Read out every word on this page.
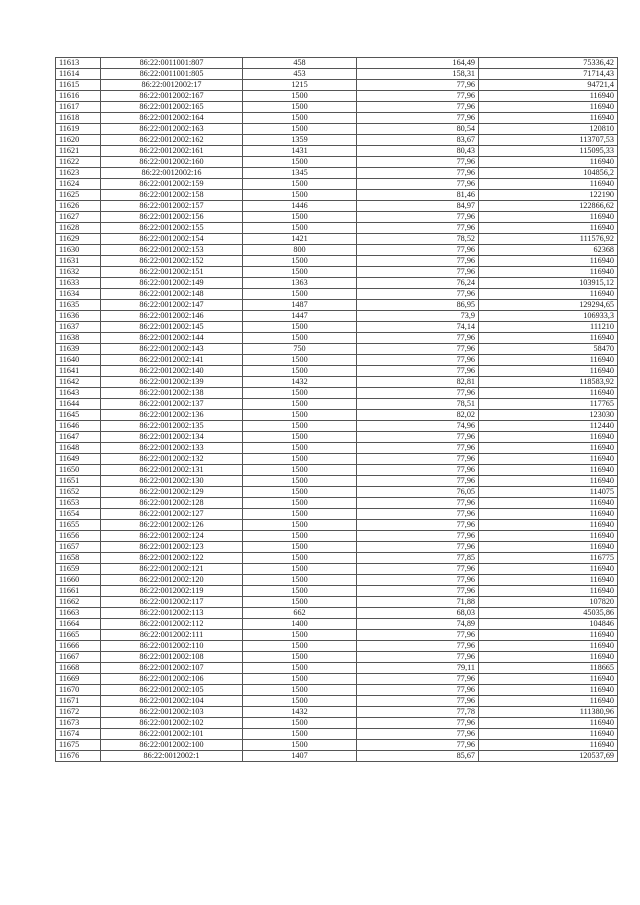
11613	86:22:0011001:807	458	164,49	75336,42
11614	86:22:0011001:805	453	158,31	71714,43
11615	86:22:0012002:17	1215	77,96	94721,4
11616	86:22:0012002:167	1500	77,96	116940
11617	86:22:0012002:165	1500	77,96	116940
11618	86:22:0012002:164	1500	77,96	116940
11619	86:22:0012002:163	1500	80,54	120810
11620	86:22:0012002:162	1359	83,67	113707,53
11621	86:22:0012002:161	1431	80,43	115095,33
11622	86:22:0012002:160	1500	77,96	116940
11623	86:22:0012002:16	1345	77,96	104856,2
11624	86:22:0012002:159	1500	77,96	116940
11625	86:22:0012002:158	1500	81,46	122190
11626	86:22:0012002:157	1446	84,97	122866,62
11627	86:22:0012002:156	1500	77,96	116940
11628	86:22:0012002:155	1500	77,96	116940
11629	86:22:0012002:154	1421	78,52	111576,92
11630	86:22:0012002:153	800	77,96	62368
11631	86:22:0012002:152	1500	77,96	116940
11632	86:22:0012002:151	1500	77,96	116940
11633	86:22:0012002:149	1363	76,24	103915,12
11634	86:22:0012002:148	1500	77,96	116940
11635	86:22:0012002:147	1487	86,95	129294,65
11636	86:22:0012002:146	1447	73,9	106933,3
11637	86:22:0012002:145	1500	74,14	111210
11638	86:22:0012002:144	1500	77,96	116940
11639	86:22:0012002:143	750	77,96	58470
11640	86:22:0012002:141	1500	77,96	116940
11641	86:22:0012002:140	1500	77,96	116940
11642	86:22:0012002:139	1432	82,81	118583,92
11643	86:22:0012002:138	1500	77,96	116940
11644	86:22:0012002:137	1500	78,51	117765
11645	86:22:0012002:136	1500	82,02	123030
11646	86:22:0012002:135	1500	74,96	112440
11647	86:22:0012002:134	1500	77,96	116940
11648	86:22:0012002:133	1500	77,96	116940
11649	86:22:0012002:132	1500	77,96	116940
11650	86:22:0012002:131	1500	77,96	116940
11651	86:22:0012002:130	1500	77,96	116940
11652	86:22:0012002:129	1500	76,05	114075
11653	86:22:0012002:128	1500	77,96	116940
11654	86:22:0012002:127	1500	77,96	116940
11655	86:22:0012002:126	1500	77,96	116940
11656	86:22:0012002:124	1500	77,96	116940
11657	86:22:0012002:123	1500	77,96	116940
11658	86:22:0012002:122	1500	77,85	116775
11659	86:22:0012002:121	1500	77,96	116940
11660	86:22:0012002:120	1500	77,96	116940
11661	86:22:0012002:119	1500	77,96	116940
11662	86:22:0012002:117	1500	71,88	107820
11663	86:22:0012002:113	662	68,03	45035,86
11664	86:22:0012002:112	1400	74,89	104846
11665	86:22:0012002:111	1500	77,96	116940
11666	86:22:0012002:110	1500	77,96	116940
11667	86:22:0012002:108	1500	77,96	116940
11668	86:22:0012002:107	1500	79,11	118665
11669	86:22:0012002:106	1500	77,96	116940
11670	86:22:0012002:105	1500	77,96	116940
11671	86:22:0012002:104	1500	77,96	116940
11672	86:22:0012002:103	1432	77,78	111380,96
11673	86:22:0012002:102	1500	77,96	116940
11674	86:22:0012002:101	1500	77,96	116940
11675	86:22:0012002:100	1500	77,96	116940
11676	86:22:0012002:1	1407	85,67	120537,69
